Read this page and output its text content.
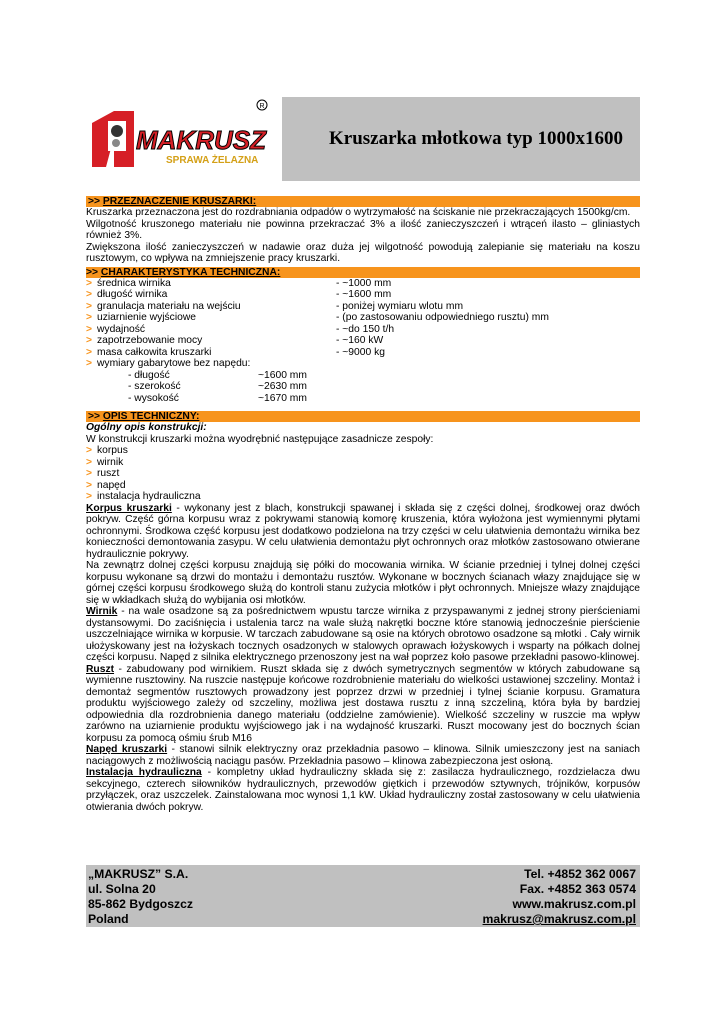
R
MAKRUSZ
SPRAWA ŻELAZNA
Kruszarka młotkowa typ 1000x1600
>> PRZEZNACZENIE KRUSZARKI:

Kruszarka przeznaczona jest do rozdrabniania odpadów o wytrzymałość na ściskanie nie przekraczających 1500kg/cm.

Wilgotność kruszonego materiału nie powinna przekraczać 3% a ilość zanieczyszczeń i wtrąceń ilasto – gliniastych również 3%.

Zwiększona ilość zanieczyszczeń w nadawie oraz duża jej wilgotność powodują zalepianie się materiału na koszu rusztowym, co wpływa na zmniejszenie pracy kruszarki.

>> CHARAKTERYSTYKA TECHNICZNA:
> średnica wirnika	- ~1000 mm
> długość wirnika	- ~1600 mm
> granulacja materiału na wejściu	- poniżej wymiaru wlotu mm
> uziarnienie wyjściowe	- (po zastosowaniu odpowiedniego rusztu) mm
> wydajność	- ~do 150 t/h
> zapotrzebowanie mocy	- ~160 kW
> masa całkowita kruszarki	- ~9000 kg
> wymiary gabarytowe bez napędu:
- długość	~1600 mm
- szerokość	~2630 mm
- wysokość	~1670 mm
>> OPIS TECHNICZNY:
Ogólny opis konstrukcji:

W konstrukcji kruszarki można wyodrębnić następujące zasadnicze zespoły:

> korpus
> wirnik
> ruszt
> napęd
> instalacja hydrauliczna

Korpus kruszarki - wykonany jest z blach, konstrukcji spawanej i składa się z części dolnej, środkowej oraz dwóch pokryw. Część górna korpusu wraz z pokrywami stanowią komorę kruszenia, która wyłożona jest wymiennymi płytami ochronnymi. Środkowa część korpusu jest dodatkowo podzielona na trzy części w celu ułatwienia demontażu wirnika bez konieczności demontowania zasypu. W celu ułatwienia demontażu płyt ochronnych oraz młotków zastosowano otwierane hydraulicznie pokrywy.

Na zewnątrz dolnej części korpusu znajdują się półki do mocowania wirnika. W ścianie przedniej i tylnej dolnej części korpusu wykonane są drzwi do montażu i demontażu rusztów. Wykonane w bocznych ścianach włazy znajdujące się w górnej części korpusu środkowego służą do kontroli stanu zużycia młotków i płyt ochronnych. Mniejsze włazy znajdujące się w wkładkach służą do wybijania osi młotków.

Wirnik - na wale osadzone są za pośrednictwem wpustu tarcze wirnika z przyspawanymi z jednej strony pierścieniami dystansowymi. Do zaciśnięcia i ustalenia tarcz na wale służą nakrętki boczne które stanowią jednocześnie pierścienie uszczelniające wirnika w korpusie. W tarczach zabudowane są osie na których obrotowo osadzone są młotki . Cały wirnik ułożyskowany jest na łożyskach tocznych osadzonych w stalowych oprawach łożyskowych i wsparty na półkach dolnej części korpusu. Napęd z silnika elektrycznego przenoszony jest na wał poprzez koło pasowe przekładni pasowo-klinowej.

Ruszt - zabudowany pod wirnikiem. Ruszt składa się z dwóch symetrycznych segmentów w których zabudowane są wymienne rusztowiny. Na ruszcie następuje końcowe rozdrobnienie materiału do wielkości ustawionej szczeliny. Montaż i demontaż segmentów rusztowych prowadzony jest poprzez drzwi w przedniej i tylnej ścianie korpusu. Gramatura produktu wyjściowego zależy od szczeliny, możliwa jest dostawa rusztu z inną szczeliną, która była by bardziej odpowiednia dla rozdrobnienia danego materiału (oddzielne zamówienie). Wielkość szczeliny w ruszcie ma wpływ zarówno na uziarnienie produktu wyjściowego jak i na wydajność kruszarki. Ruszt mocowany jest do bocznych ścian korpusu za pomocą ośmiu śrub M16

Napęd kruszarki - stanowi silnik elektryczny oraz przekładnia pasowo – klinowa. Silnik umieszczony jest na saniach naciągowych z możliwością naciągu pasów. Przekładnia pasowo – klinowa zabezpieczona jest osłoną.

Instalacja hydrauliczna - kompletny układ hydrauliczny składa się z: zasilacza hydraulicznego, rozdzielacza dwu sekcyjnego, czterech siłowników hydraulicznych, przewodów giętkich i przewodów sztywnych, trójników, korpusów przyłączek, oraz uszczelek. Zainstalowana moc wynosi 1,1 kW. Układ hydrauliczny został zastosowany w celu ułatwienia otwierania dwóch pokryw.

„MAKRUSZ” S.A.
ul. Solna 20
85-862 Bydgoszcz
Poland
Tel. +4852 362 0067
Fax. +4852 363 0574
www.makrusz.com.pl
makrusz@makrusz.com.pl
